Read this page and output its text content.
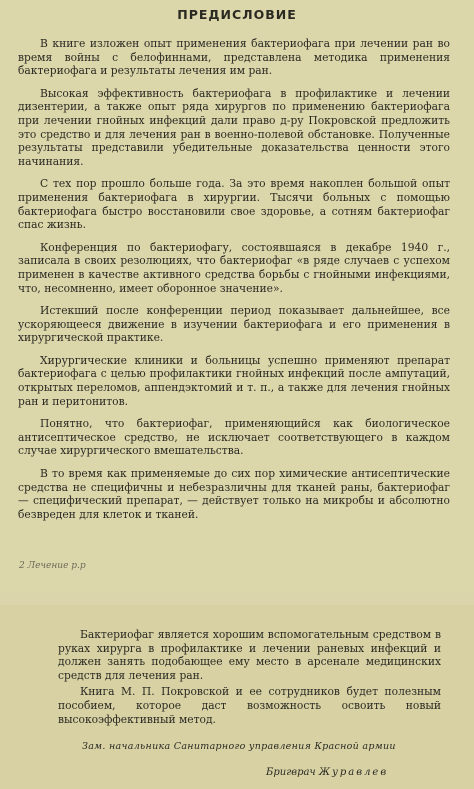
ПРЕДИСЛОВИЕ

В книге изложен опыт применения бактериофага при лечении ран во время войны с белофиннами, представлена методика применения бактериофага и результаты лечения им ран.

Высокая эффективность бактериофага в профилактике и лечении дизентерии, а также опыт ряда хирургов по применению бактериофага при лечении гнойных инфекций дали право д-ру Покровской предложить это средство и для лечения ран в военно-полевой обстановке. Полученные результаты представили убедительные доказательства ценности этого начинания.

С тех пор прошло больше года. За это время накоплен большой опыт применения бактериофага в хирургии. Тысячи больных с помощью бактериофага быстро восстановили свое здоровье, а сотням бактериофаг спас жизнь.

Конференция по бактериофагу, состоявшаяся в декабре 1940 г., записала в своих резолюциях, что бактериофаг «в ряде случаев с успехом применен в качестве активного средства борьбы с гнойными инфекциями, что, несомненно, имеет оборонное значение».

Истекший после конференции период показывает дальнейшее, все ускоряющееся движение в изучении бактериофага и его применения в хирургической практике.

Хирургические клиники и больницы успешно применяют препарат бактериофага с целью профилактики гнойных инфекций после ампутаций, открытых переломов, аппендэктомий и т. п., а также для лечения гнойных ран и перитонитов.

Понятно, что бактериофаг, применяющийся как биологическое антисептическое средство, не исключает соответствующего в каждом случае хирургического вмешательства.

В то время как применяемые до сих пор химические антисептические средства не специфичны и небезразличны для тканей раны, бактериофаг — специфический препарат, — действует только на микробы и абсолютно безвреден для клеток и тканей.

2 Лечение р.р

Бактериофаг является хорошим вспомогательным средством в руках хирурга в профилактике и лечении раневых инфекций и должен занять подобающее ему место в арсенале медицинских средств для лечения ран.

Книга М. П. Покровской и ее сотрудников будет полезным пособием, которое даст возможность освоить новый высокоэффективный метод.

Зам. начальника Санитарного управления Красной армии
Бригврач Журавлев
